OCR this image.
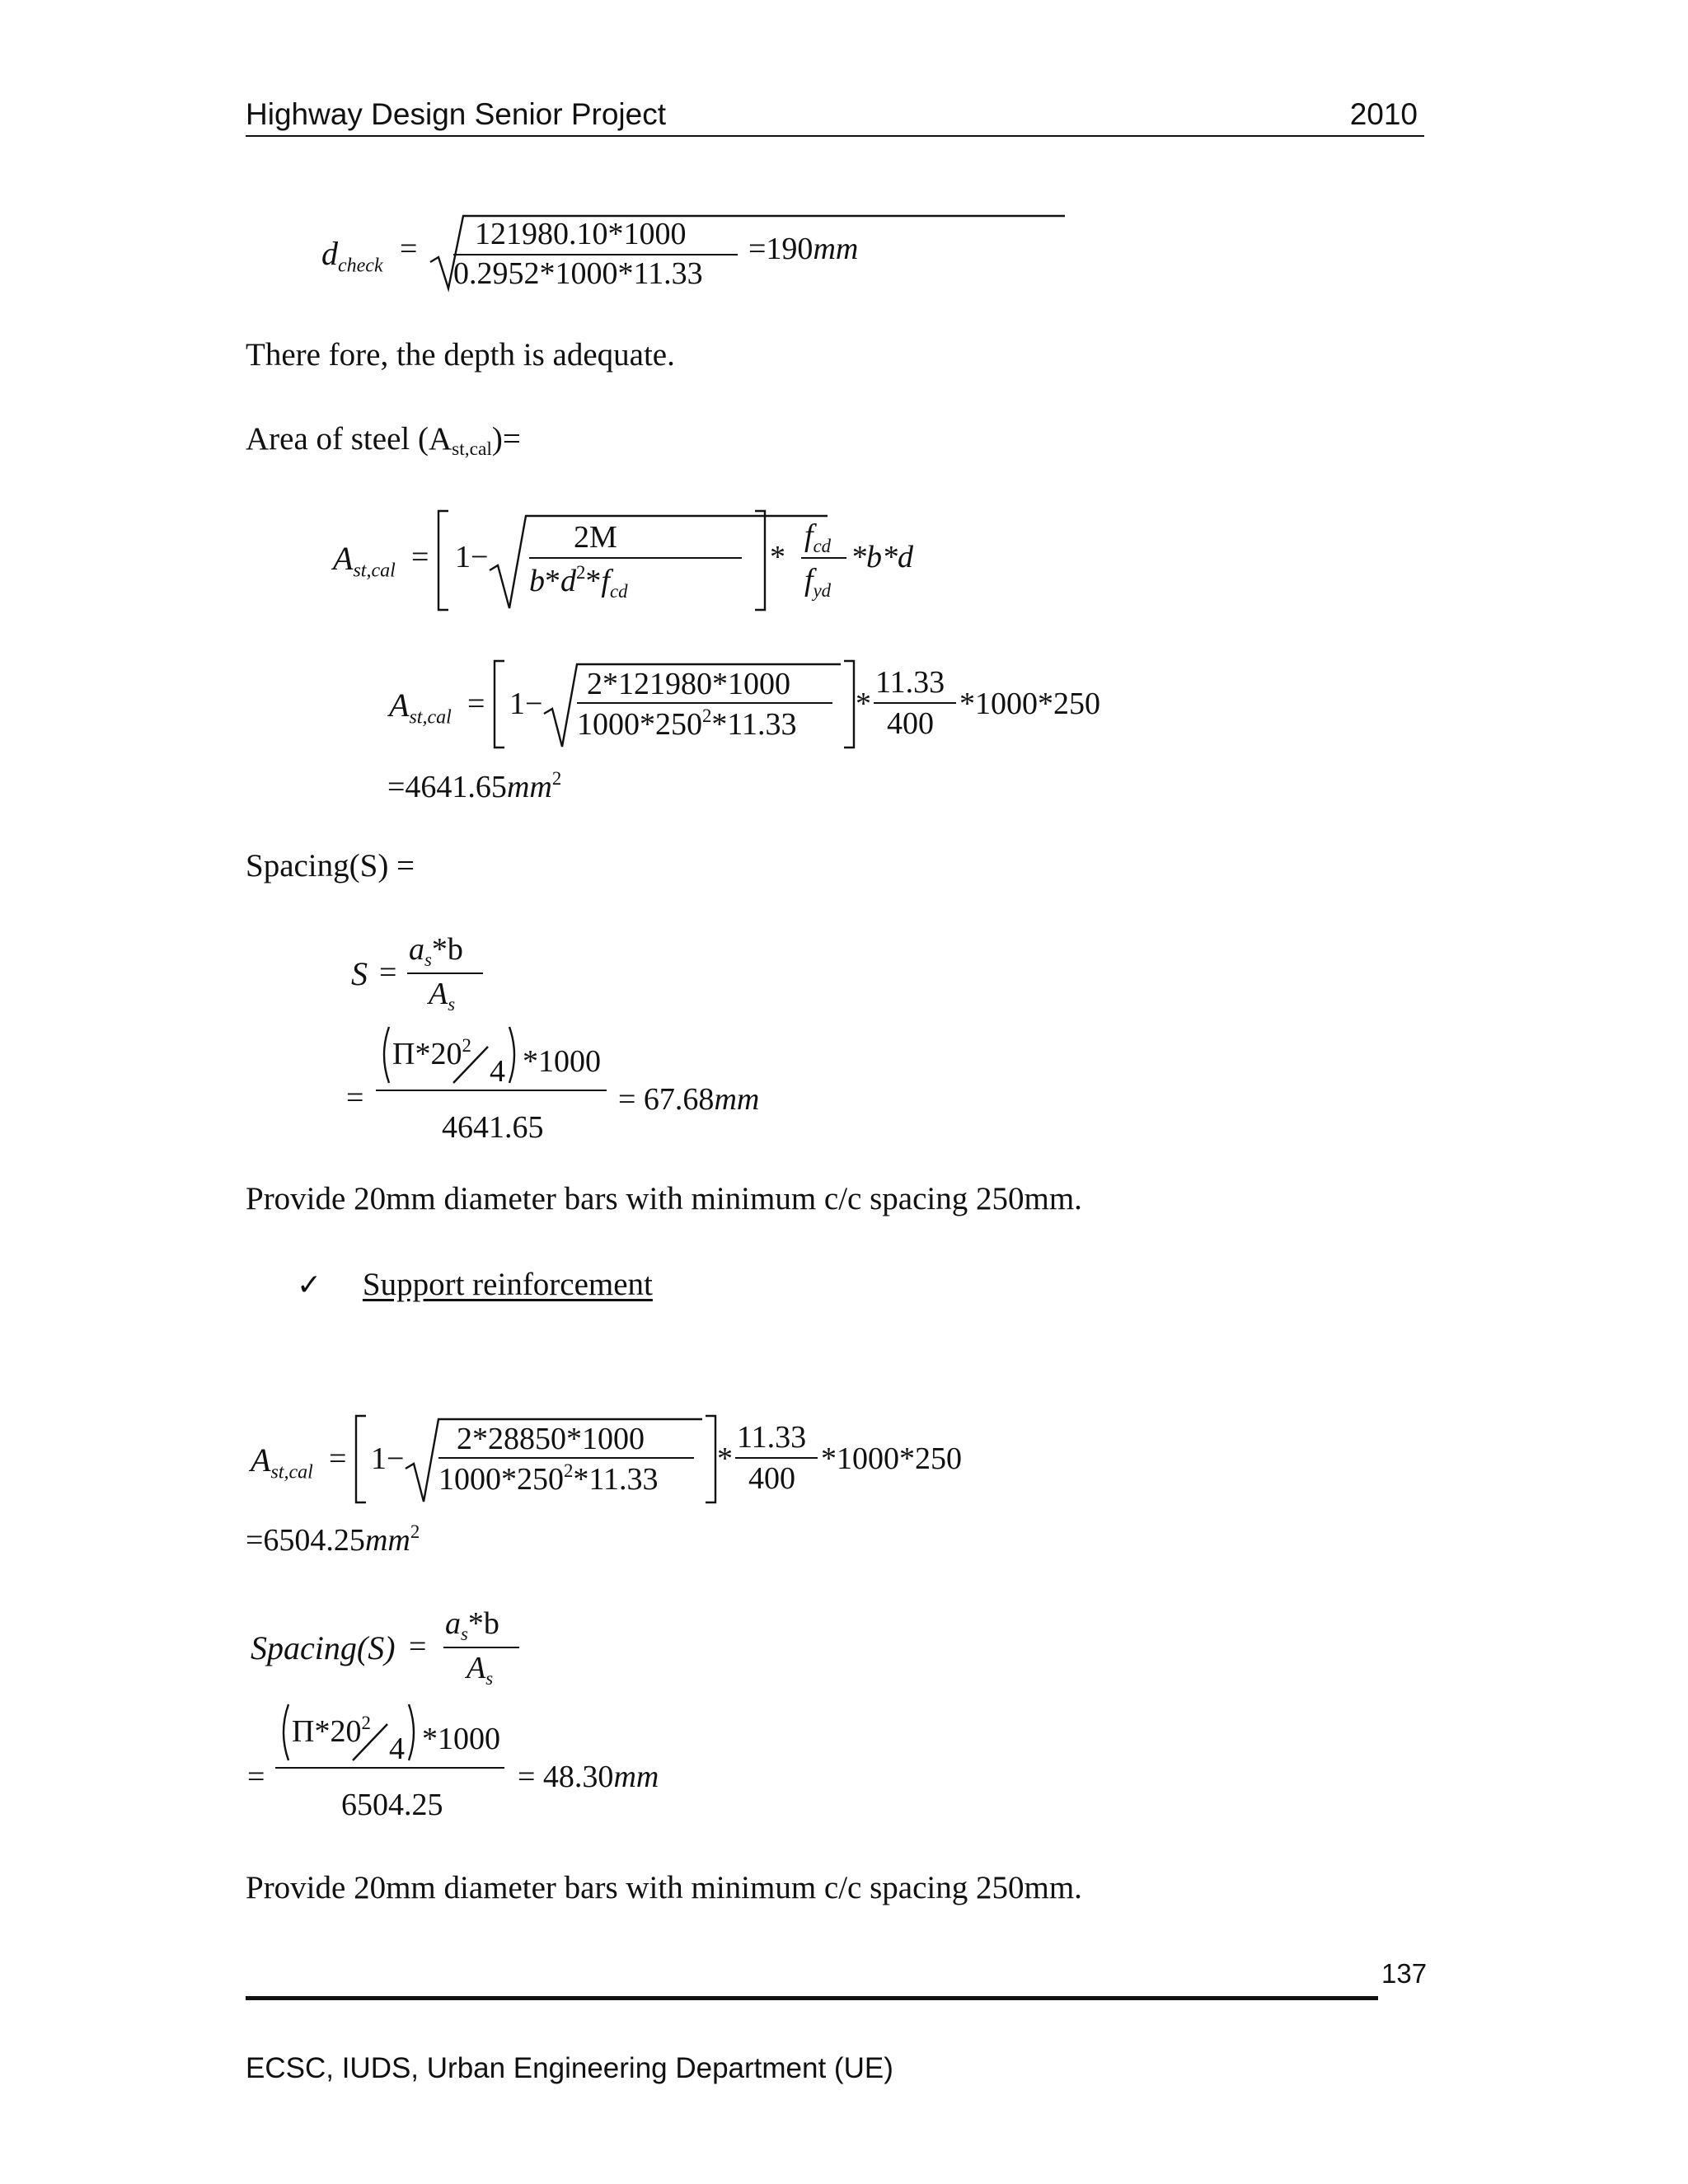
Highway Design Senior Project	2010
$d_{check} = 121980.10*1000$
0.2952*1000*11.33
=190mm

There fore, the depth is adequate.

Area of steel (Ast,cal)=

$A_{st,cal} = 1-$
2M
$b*d^2*f_{cd}$
*
$f_{cd}$
$f_{yd}$
*b*d
$A_{st,cal} = 1-$
2*121980*1000
$1000*250^2*11.33$
*
11.33
400
*1000*250
$=4641.65mm^2$

Spacing(S) =

S =
$a_s*b$
$A_s$
=
$\Pi*20^2$
4 *1000
4641.65
= 67.68mm

Provide 20mm diameter bars with minimum c/c spacing 250mm.

✓ Support reinforcement
$A_{st,cal} = 1-$
2*28850*1000
$1000*250^2*11.33$
*
11.33
400
*1000*250
$=6504.25mm^2$
Spacing(S) =
$a_s*b$
$A_s$
=
$\Pi*20^2$
4 *1000
6504.25
= 48.30mm

Provide 20mm diameter bars with minimum c/c spacing 250mm.

137
ECSC, IUDS, Urban Engineering Department (UE)
